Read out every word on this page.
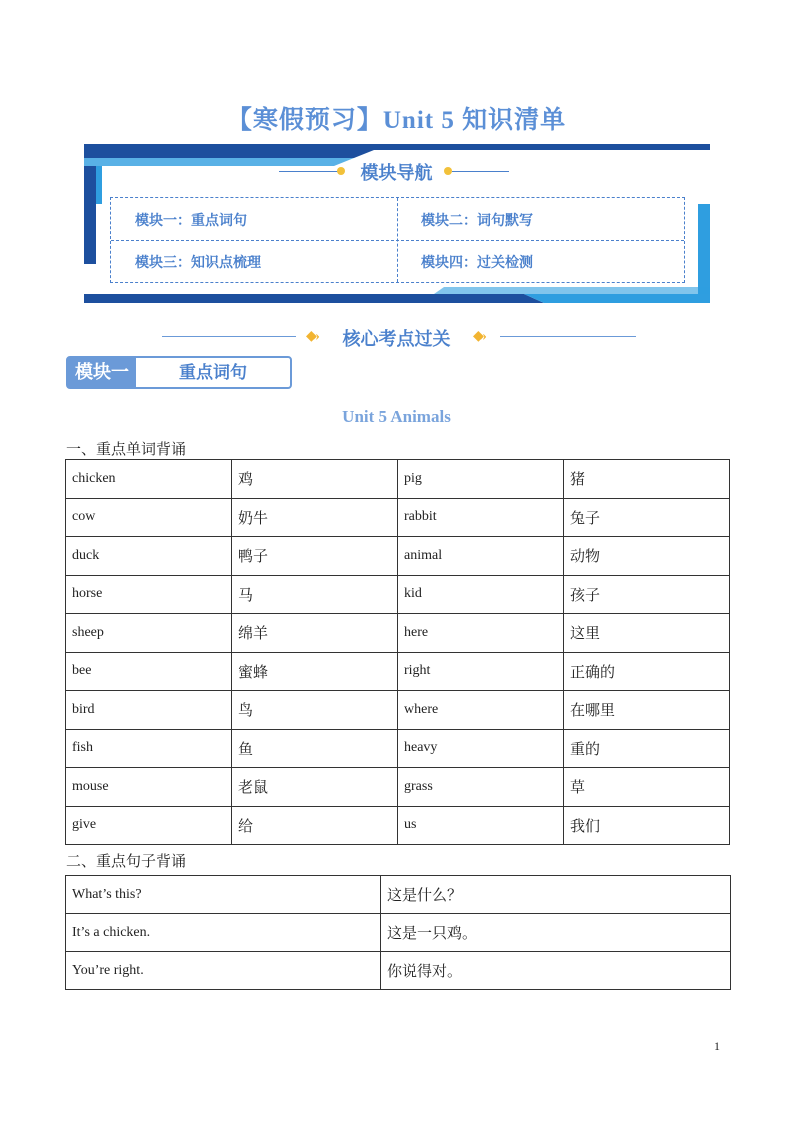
【寒假预习】Unit 5 知识清单
模块导航
模块一：重点词句	模块二：词句默写
模块三：知识点梳理	模块四：过关检测
◆»	核心考点过关	◆»
模块一	重点词句
Unit 5 Animals
一、重点单词背诵
chicken	鸡	pig	猪
cow	奶牛	rabbit	兔子
duck	鸭子	animal	动物
horse	马	kid	孩子
sheep	绵羊	here	这里
bee	蜜蜂	right	正确的
bird	鸟	where	在哪里
fish	鱼	heavy	重的
mouse	老鼠	grass	草
give	给	us	我们
二、重点句子背诵
What’s this?	这是什么？
It’s a chicken.	这是一只鸡。
You’re right.	你说得对。
1
